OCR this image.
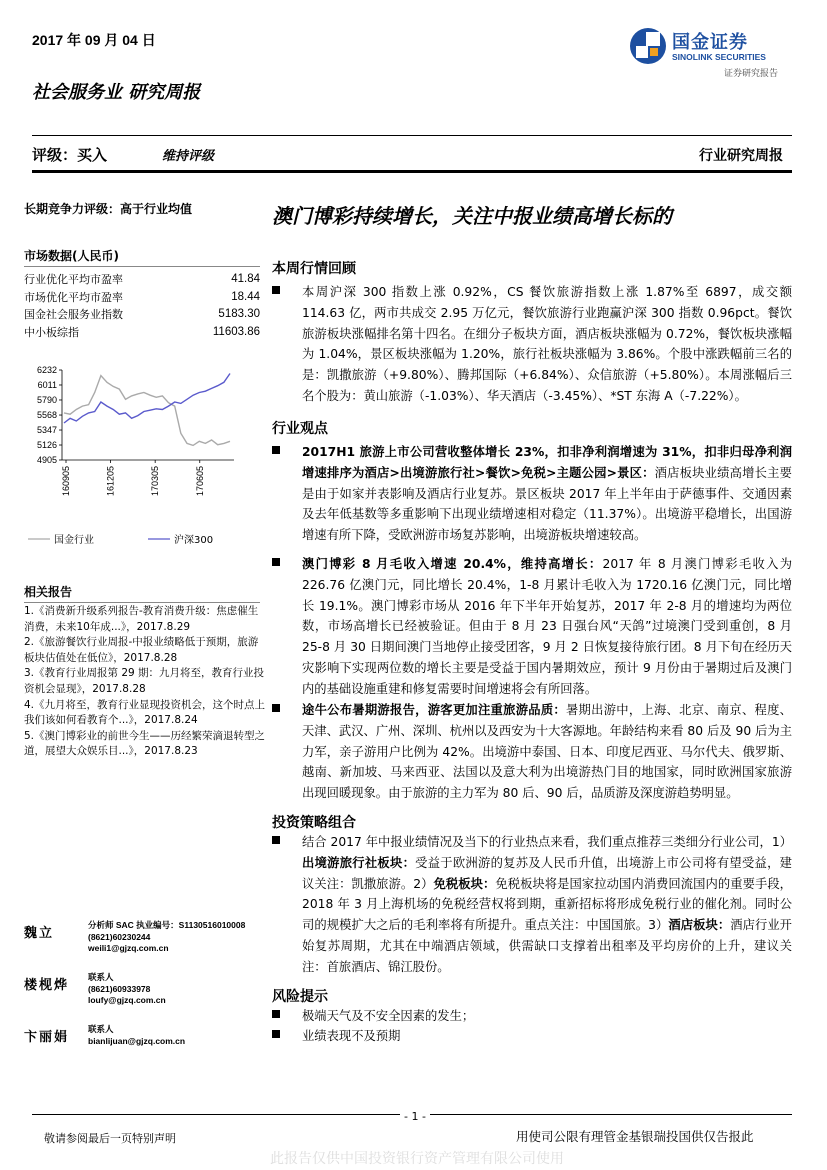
2017 年 09 月 04 日	国金证券
SINOLINK SECURITIES
证券研究报告
社会服务业 研究周报
评级：买入	维持评级	行业研究周报
长期竞争力评级：高于行业均值
市场数据(人民币)
行业优化平均市盈率	41.84
市场优化平均市盈率	18.44
国金社会服务业指数	5183.30
中小板综指	11603.86
6232
6011
5790
5568
5347
5126
4905
160905	161205	170305	170605
国金行业	沪深300
相关报告
1.《消费新升级系列报告-教育消费升级：焦虑催生消费，未来10年成...》，2017.8.29
2.《旅游餐饮行业周报-中报业绩略低于预期，旅游板块估值处在低位》，2017.8.28
3.《教育行业周报第 29 期：九月将至，教育行业投资机会显现》，2017.8.28
4.《九月将至，教育行业显现投资机会，这个时点上我们该如何看教育个...》，2017.8.24
5.《澳门博彩业的前世今生——历经繁荣滴退转型之道，展望大众娱乐目...》，2017.8.23
魏立
分析师 SAC 执业编号：S1130516010008
(8621)60230244
weili1@gjzq.com.cn
楼枧烨
联系人
(8621)60933978
loufy@gjzq.com.cn
卞丽娟
联系人
bianlijuan@gjzq.com.cn
澳门博彩持续增长，关注中报业绩高增长标的
本周行情回顾
本周沪深 300 指数上涨 0.92%，CS 餐饮旅游指数上涨 1.87%至 6897，成交额 114.63 亿，两市共成交 2.95 万亿元，餐饮旅游行业跑赢沪深 300 指数 0.96pct。餐饮旅游板块涨幅排名第十四名。在细分子板块方面，酒店板块涨幅为 0.72%，餐饮板块涨幅为 1.04%，景区板块涨幅为 1.20%，旅行社板块涨幅为 3.86%。个股中涨跌幅前三名的是：凯撒旅游（+9.80%）、腾邦国际（+6.84%）、众信旅游（+5.80%）。本周涨幅后三名个股为：黄山旅游（-1.03%）、华天酒店（-3.45%）、*ST 东海 A（-7.22%）。
行业观点
2017H1 旅游上市公司营收整体增长 23%，扣非净利润增速为 31%，扣非归母净利润增速排序为酒店>出境游旅行社>餐饮>免税>主题公园>景区：酒店板块业绩高增长主要是由于如家并表影响及酒店行业复苏。景区板块 2017 年上半年由于萨德事件、交通因素及去年低基数等多重影响下出现业绩增速相对稳定（11.37%）。出境游平稳增长，出国游增速有所下降，受欧洲游市场复苏影响，出境游板块增速较高。
澳门博彩 8 月毛收入增速 20.4%，维持高增长：2017 年 8 月澳门博彩毛收入为 226.76 亿澳门元，同比增长 20.4%，1-8 月累计毛收入为 1720.16 亿澳门元，同比增长 19.1%。澳门博彩市场从 2016 年下半年开始复苏，2017 年 2-8 月的增速均为两位数，市场高增长已经被验证。但由于 8 月 23 日强台风“天鸽”过境澳门受到重创，8 月 25-8 月 30 日期间澳门当地停止接受团客，9 月 2 日恢复接待旅行团。8 月下旬在经历天灾影响下实现两位数的增长主要是受益于国内暑期效应，预计 9 月份由于暑期过后及澳门内的基础设施重建和修复需要时间增速将会有所回落。
途牛公布暑期游报告，游客更加注重旅游品质：暑期出游中，上海、北京、南京、程度、天津、武汉、广州、深圳、杭州以及西安为十大客源地。年龄结构来看 80 后及 90 后为主力军，亲子游用户比例为 42%。出境游中泰国、日本、印度尼西亚、马尔代夫、俄罗斯、越南、新加坡、马来西亚、法国以及意大利为出境游热门目的地国家，同时欧洲国家旅游出现回暖现象。由于旅游的主力军为 80 后、90 后，品质游及深度游趋势明显。
投资策略组合
结合 2017 年中报业绩情况及当下的行业热点来看，我们重点推荐三类细分行业公司，1）出境游旅行社板块：受益于欧洲游的复苏及人民币升值，出境游上市公司将有望受益，建议关注：凯撒旅游。2）免税板块：免税板块将是国家拉动国内消费回流国内的重要手段，2018 年 3 月上海机场的免税经营权将到期，重新招标将形成免税行业的催化剂。同时公司的规模扩大之后的毛利率将有所提升。重点关注：中国国旅。3）酒店板块：酒店行业开始复苏周期，尤其在中端酒店领域，供需缺口支撑着出租率及平均房价的上升，建议关注：首旅酒店、锦江股份。
风险提示
极端天气及不安全因素的发生；
业绩表现不及预期
- 1 -
敬请参阅最后一页特别声明	用使司公限有理管金基银瑞投国供仅告报此
此报告仅供中国投资银行资产管理有限公司使用
